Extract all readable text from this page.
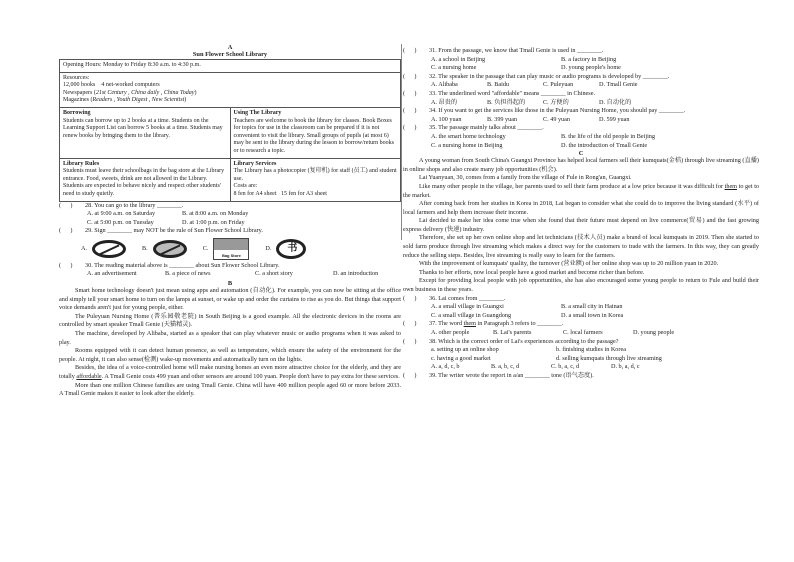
A
Sun Flower School Library
Opening Hours: Monday to Friday 8:30 a.m. to 4:30 p.m.	

Resources:
12,000 books    4 net-worked computers
Newspapers (21st Century , China daily , China Today)
Magazines (Readers , Youth Digest , New Scientist)	

Borrowing
Students can borrow up to 2 books at a time. Students on the Learning Support List can borrow 5 books at a time. Students may renew books by bringing them to the library.

Using The Library
Teachers are welcome to book the library for classes. Book Boxes for topics for use in the classroom can be prepared if it is not convenient to visit the library. Small groups of pupils (at most 6) may be sent to the library during the lesson to borrow/return books or to research a topic.

Library Rules
Students must leave their schoolbags in the bag store at the Library entrance. Food, sweets, drink are not allowed in the Library. Students are expected to behave nicely and respect other students' need to study quietly.

Library Services
The Library has a photocopier (复印机) for staff (员工) and student use.
Costs are:
8 fen for A4 sheet   15 fen for A3 sheet
(      ) 28. You can go to the library ________.
A. at 9:00 a.m. on Saturday	B. at 8:00 a.m. on Monday
C. at 5:00 p.m. on Tuesday	D. at 1:00 p.m. on Friday
(      ) 29. Sign ________ may NOT be the rule of Sun Flower School Library.
A.	B.	C.
Bag Store
D. 书
(      ) 30. The reading material above is ________ about Sun Flower School Library.
A. an advertisement	B. a piece of news	C. a short story	D. an introduction
B
Smart home technology doesn't just mean using apps and automation (自动化). For example, you can now be sitting at the office and simply tell your smart home to turn on the lamps at sunset, or wake up and order the curtains to rise as you do. But things that support voice demands aren't just for young people, either.
The Puleyuan Nursing Home (普乐园敬老院) in South Beijing is a good example. All the electronic devices in the rooms are controlled by smart speaker Tmall Genie (天猫精灵).
The machine, developed by Alibaba, started as a speaker that can play whatever music or audio programs when it was asked to play.
Rooms equipped with it can detect human presence, as well as temperature, which ensure the safety of the environment for the people. At night, it can also sense(检测) wake-up movements and automatically turn on the lights.
Besides, the idea of a voice-controlled home will make nursing homes an even more attractive choice for the elderly, and they are totally affordable. A Tmall Genie costs 499 yuan and other sensors are around 100 yuan. People don't have to pay extra for these services.
More than one million Chinese families are using Tmall Genie. China will have 400 million people aged 60 or more before 2033. A Tmall Genie makes it easier to look after the elderly.
(      ) 31. From the passage, we know that Tmall Genie is used in ________.
A. a school in Beijing	B. a factory in Beijing
C. a nursing home	D. young people's home
(      ) 32. The speaker in the passage that can play music or audio programs is developed by ________.
A. Alibaba	B. Baidu	C. Puleyuan	D. Tmall Genie
(      ) 33. The underlined word "affordable" means ________ in Chinese.
A. 昂贵的	B. 负担得起的	C. 方便的	D. 自动化的
(      ) 34. If you want to get the services like those in the Puleyuan Nursing Home, you should pay ________.
A. 100 yuan	B. 399 yuan	C. 49 yuan	D. 599 yuan
(      ) 35. The passage mainly talks about ________.
A. the smart home technology	B. the life of the old people in Beijing
C. a nursing home in Beijing	D. the introduction of Tmall Genie
C
A young woman from South China's Guangxi Province has helped local farmers sell their kumquats(金桔) through live streaming (直播) in online shops and also create many job opportunities (机会).
Lai Yuanyuan, 30, comes from a family from the village of Fule in Rong'an, Guangxi.
Like many other people in the village, her parents used to sell their farm produce at a low price because it was difficult for them to get to the market.
After coming back from her studies in Korea in 2018, Lai began to consider what she could do to improve the living standard (水平) of local farmers and help them increase their income.
Lai decided to make her idea come true when she found that their future must depend on live commerce(贸易) and the fast growing express delivery (快递) industry.
Therefore, she set up her own online shop and let technicians (技术人员) make a brand of local kumquats in 2019. Then she started to sold farm produce through live streaming which makes a direct way for the customers to trade with the farmers. In this way, they can greatly reduce the selling steps. Besides, live streaming is really easy to learn for the farmers.
With the improvement of kumquats' quality, the turnover (营业额) of her online shop was up to 20 million yuan in 2020.
Thanks to her efforts, now local people have a good market and become richer than before.
Except for providing local people with job opportunities, she has also encouraged some young people to return to Fule and build their own business in these years.
(      ) 36. Lai comes from ________.
A. a small village in Guangxi	B. a small city in Hainan
C. a small village in Guangdong	D. a small town in Korea
(      ) 37. The word them in Paragraph 3 refers to ________.
A. other people	B. Lai's parents	C. local farmers	D. young people
(      ) 38. Which is the correct order of Lai's experiences according to the passage?
a. setting up an online shop	b. finishing studies in Korea
c. having a good market	d. selling kumquats through live streaming
A. a, d, c, b	B. a, b, c, d	C. b, a, c, d	D. b, a, d, c
(      ) 39. The writer wrote the report in a/an ________ tone (语气态度).
